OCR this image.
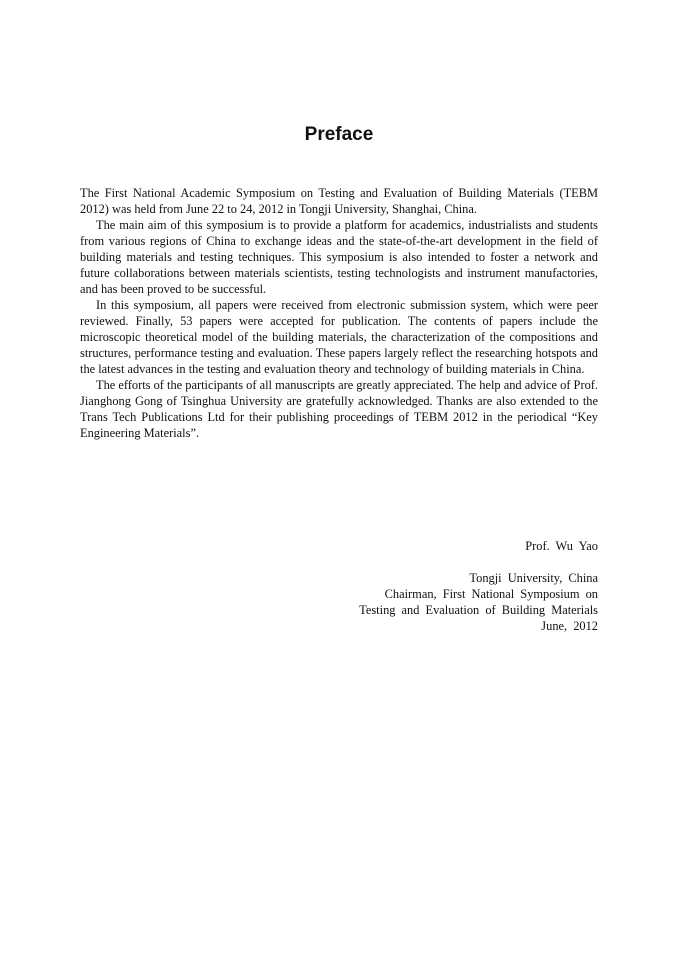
Preface

The First National Academic Symposium on Testing and Evaluation of Building Materials (TEBM 2012) was held from June 22 to 24, 2012 in Tongji University, Shanghai, China.

The main aim of this symposium is to provide a platform for academics, industrialists and students from various regions of China to exchange ideas and the state-of-the-art development in the field of building materials and testing techniques. This symposium is also intended to foster a network and future collaborations between materials scientists, testing technologists and instrument manufactories, and has been proved to be successful.

In this symposium, all papers were received from electronic submission system, which were peer reviewed. Finally, 53 papers were accepted for publication. The contents of papers include the microscopic theoretical model of the building materials, the characterization of the compositions and structures, performance testing and evaluation. These papers largely reflect the researching hotspots and the latest advances in the testing and evaluation theory and technology of building materials in China.

The efforts of the participants of all manuscripts are greatly appreciated. The help and advice of Prof. Jianghong Gong of Tsinghua University are gratefully acknowledged. Thanks are also extended to the Trans Tech Publications Ltd for their publishing proceedings of TEBM 2012 in the periodical “Key Engineering Materials”.

Prof. Wu Yao
Tongji University, China
Chairman, First National Symposium on
Testing and Evaluation of Building Materials
June, 2012
